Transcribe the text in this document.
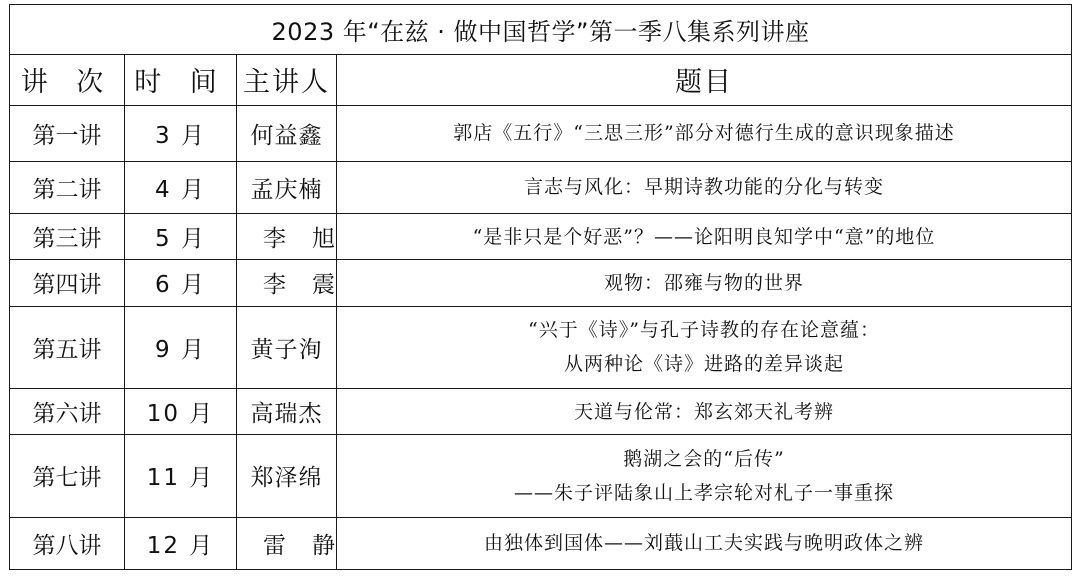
2023 年“在兹 · 做中国哲学”第一季八集系列讲座			
讲 次	时 间	主讲人	题目
第一讲	3 月	何益鑫	郭店《五行》“三思三形”部分对德行生成的意识现象描述

第二讲	4 月	孟庆楠	言志与风化：早期诗教功能的分化与转变

第三讲	5 月	李旭	“是非只是个好恶”？——论阳明良知学中“意”的地位

第四讲	6 月	李震	观物：邵雍与物的世界

第五讲	9 月	黄子洵	“兴于《诗》”与孔子诗教的存在论意蕴：
从两种论《诗》进路的差异谈起

第六讲	10 月	高瑞杰	天道与伦常：郑玄郊天礼考辨

第七讲	11 月	郑泽绵	鹅湖之会的“后传”
——朱子评陆象山上孝宗轮对札子一事重探

第八讲	12 月	雷静	由独体到国体——刘蕺山工夫实践与晚明政体之辨
